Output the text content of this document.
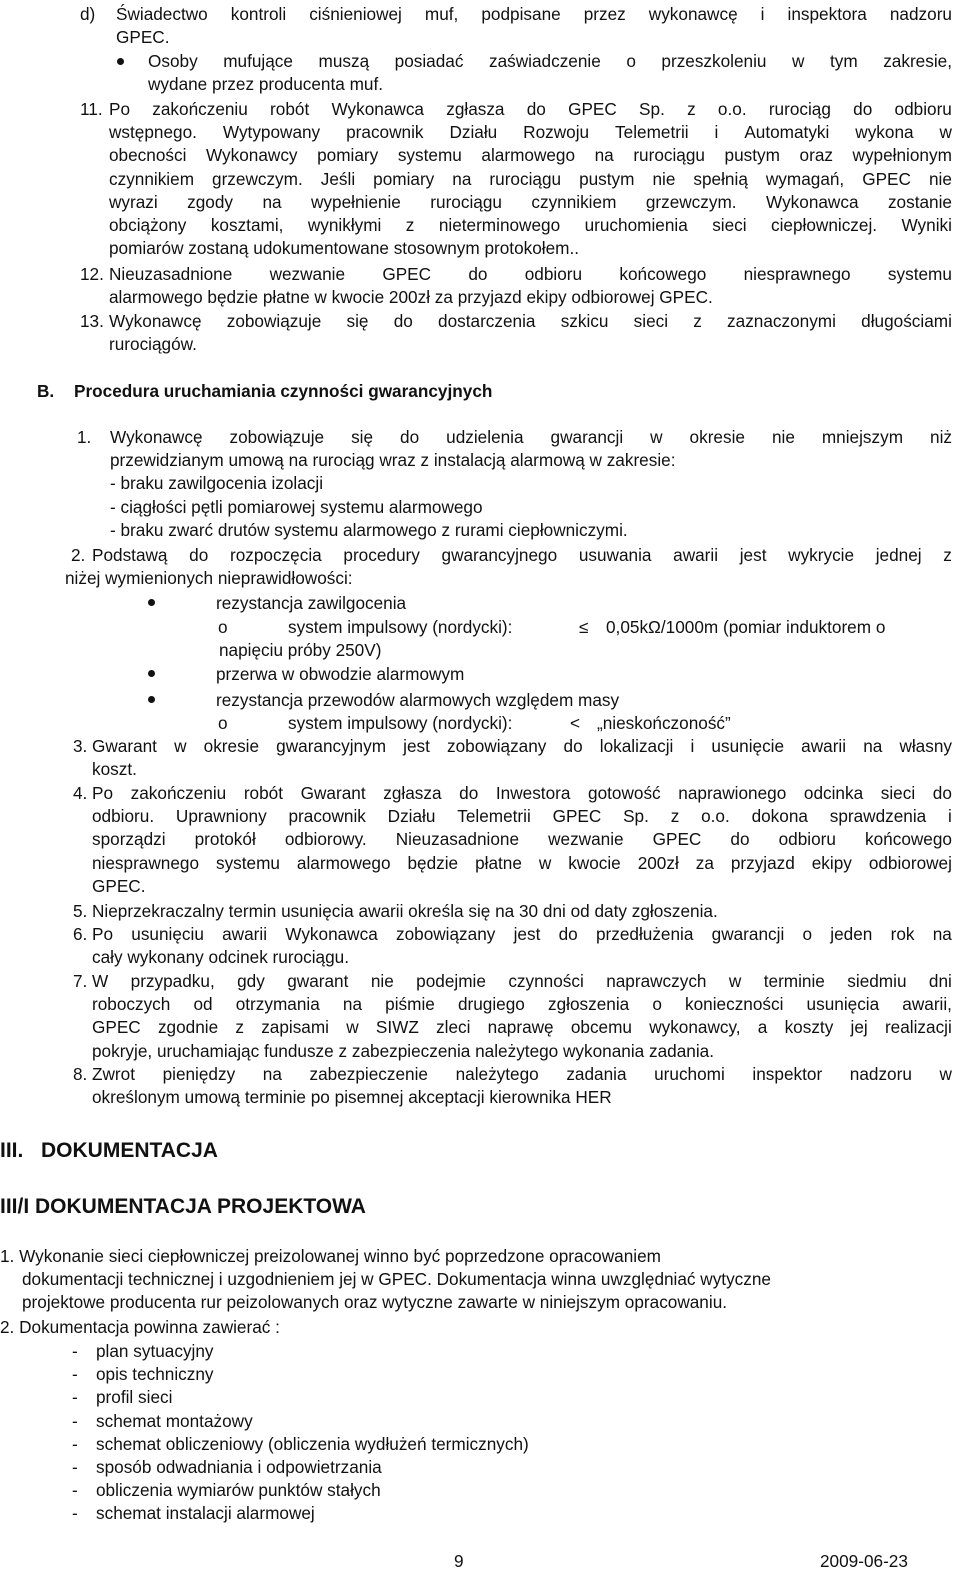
d) Świadectwo kontroli ciśnieniowej muf, podpisane przez wykonawcę i inspektora nadzoru
GPEC.
Osoby mufujące muszą posiadać zaświadczenie o przeszkoleniu w tym zakresie,
wydane przez producenta muf.
11. Po zakończeniu robót Wykonawca zgłasza do GPEC Sp. z o.o. rurociąg do odbioru
wstępnego. Wytypowany pracownik Działu Rozwoju Telemetrii i Automatyki wykona w
obecności Wykonawcy pomiary systemu alarmowego na rurociągu pustym oraz wypełnionym
czynnikiem grzewczym. Jeśli pomiary na rurociągu pustym nie spełnią wymagań, GPEC nie
wyrazi zgody na wypełnienie rurociągu czynnikiem grzewczym. Wykonawca zostanie
obciążony kosztami, wynikłymi z nieterminowego uruchomienia sieci ciepłowniczej. Wyniki
pomiarów zostaną udokumentowane stosownym protokołem..
12. Nieuzasadnione wezwanie GPEC do odbioru końcowego niesprawnego systemu
alarmowego będzie płatne w kwocie 200zł za przyjazd ekipy odbiorowej GPEC.
13. Wykonawcę zobowiązuje się do dostarczenia szkicu sieci z zaznaczonymi długościami
rurociągów.
B. Procedura uruchamiania czynności gwarancyjnych
1. Wykonawcę zobowiązuje się do udzielenia gwarancji w okresie nie mniejszym niż
przewidzianym umową na rurociąg wraz z instalacją alarmową w zakresie:
- braku zawilgocenia izolacji
- ciągłości pętli pomiarowej systemu alarmowego
- braku zwarć drutów systemu alarmowego z rurami ciepłowniczymi.
2. Podstawą do rozpoczęcia procedury gwarancyjnego usuwania awarii jest wykrycie jednej z
niżej wymienionych nieprawidłowości:
rezystancja zawilgocenia
o	system impulsowy (nordycki):	≤ 0,05kΩ/1000m (pomiar induktorem o
napięciu próby 250V)
przerwa w obwodzie alarmowym
rezystancja przewodów alarmowych względem masy
o	system impulsowy (nordycki):	< „nieskończoność”
3. Gwarant w okresie gwarancyjnym jest zobowiązany do lokalizacji i usunięcie awarii na własny
koszt.
4. Po zakończeniu robót Gwarant zgłasza do Inwestora gotowość naprawionego odcinka sieci do
odbioru. Uprawniony pracownik Działu Telemetrii GPEC Sp. z o.o. dokona sprawdzenia i
sporządzi protokół odbiorowy. Nieuzasadnione wezwanie GPEC do odbioru końcowego
niesprawnego systemu alarmowego będzie płatne w kwocie 200zł za przyjazd ekipy odbiorowej
GPEC.
5. Nieprzekraczalny termin usunięcia awarii określa się na 30 dni od daty zgłoszenia.
6. Po usunięciu awarii Wykonawca zobowiązany jest do przedłużenia gwarancji o jeden rok na
cały wykonany odcinek rurociągu.
7. W przypadku, gdy gwarant nie podejmie czynności naprawczych w terminie siedmiu dni
roboczych od otrzymania na piśmie drugiego zgłoszenia o konieczności usunięcia awarii,
GPEC zgodnie z zapisami w SIWZ zleci naprawę obcemu wykonawcy, a koszty jej realizacji
pokryje, uruchamiając fundusze z zabezpieczenia należytego wykonania zadania.
8. Zwrot pieniędzy na zabezpieczenie należytego zadania uruchomi inspektor nadzoru w
określonym umową terminie po pisemnej akceptacji kierownika HER
III. DOKUMENTACJA
III/I DOKUMENTACJA PROJEKTOWA
1. Wykonanie sieci ciepłowniczej preizolowanej winno być poprzedzone opracowaniem
dokumentacji technicznej i uzgodnieniem jej w GPEC. Dokumentacja winna uwzględniać wytyczne
projektowe producenta rur peizolowanych oraz wytyczne zawarte w niniejszym opracowaniu.
2. Dokumentacja powinna zawierać :
- plan sytuacyjny
- opis techniczny
- profil sieci
- schemat montażowy
- schemat obliczeniowy (obliczenia wydłużeń termicznych)
- sposób odwadniania i odpowietrzania
- obliczenia wymiarów punktów stałych
- schemat instalacji alarmowej
9	2009-06-23
